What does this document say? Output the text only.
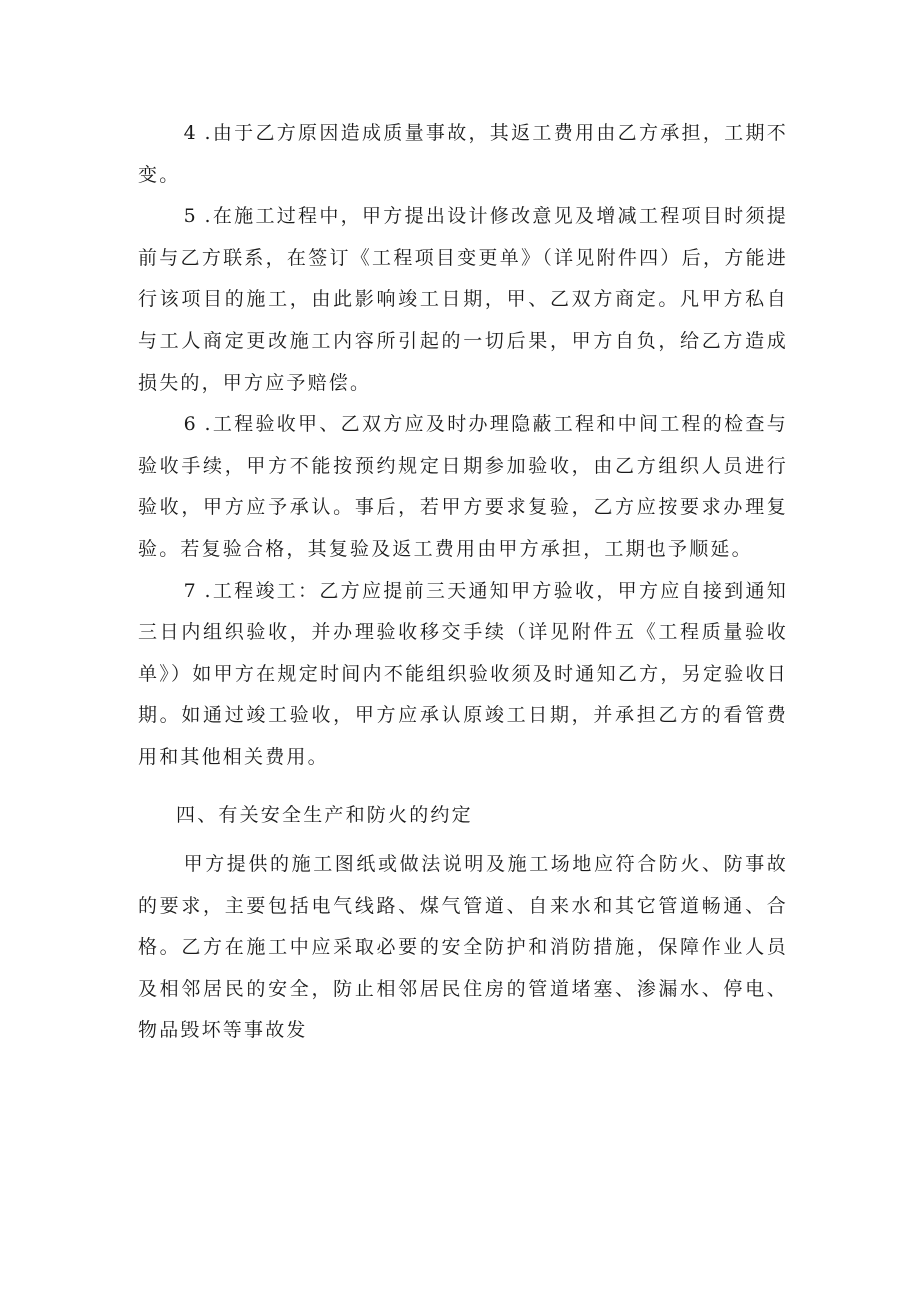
4 .由于乙方原因造成质量事故，其返工费用由乙方承担，工期不变。

5 .在施工过程中，甲方提出设计修改意见及增减工程项目时须提前与乙方联系，在签订《工程项目变更单》（详见附件四）后，方能进行该项目的施工，由此影响竣工日期，甲、乙双方商定。凡甲方私自与工人商定更改施工内容所引起的一切后果，甲方自负，给乙方造成损失的，甲方应予赔偿。

6 .工程验收甲、乙双方应及时办理隐蔽工程和中间工程的检查与验收手续，甲方不能按预约规定日期参加验收，由乙方组织人员进行验收，甲方应予承认。事后，若甲方要求复验，乙方应按要求办理复验。若复验合格，其复验及返工费用由甲方承担，工期也予顺延。

7 .工程竣工：乙方应提前三天通知甲方验收，甲方应自接到通知三日内组织验收，并办理验收移交手续（详见附件五《工程质量验收单》）如甲方在规定时间内不能组织验收须及时通知乙方，另定验收日期。如通过竣工验收，甲方应承认原竣工日期，并承担乙方的看管费用和其他相关费用。

四、有关安全生产和防火的约定

甲方提供的施工图纸或做法说明及施工场地应符合防火、防事故的要求，主要包括电气线路、煤气管道、自来水和其它管道畅通、合格。乙方在施工中应采取必要的安全防护和消防措施，保障作业人员及相邻居民的安全，防止相邻居民住房的管道堵塞、渗漏水、停电、物品毁坏等事故发
